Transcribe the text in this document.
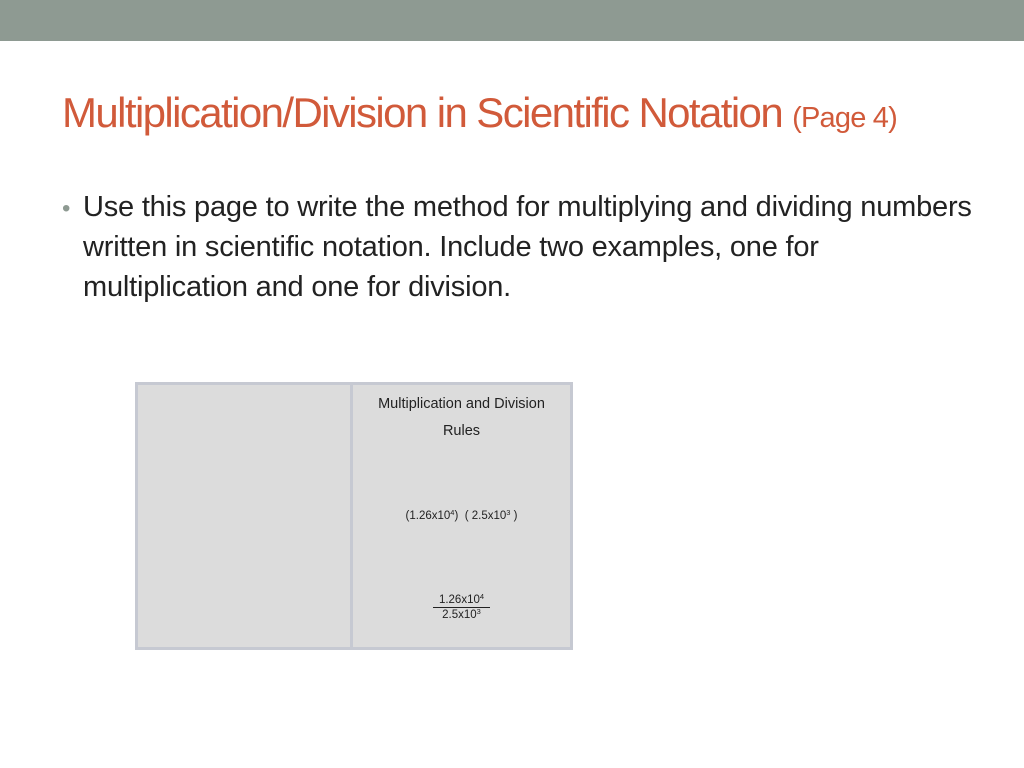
Multiplication/Division in Scientific Notation (Page 4)
• Use this page to write the method for multiplying and dividing numbers written in scientific notation. Include two examples, one for multiplication and one for division.
Multiplication and Division
Rules
$(1.26x10^4)$ ( $2.5x10^3$ )
$\frac{1.26x10^4}{2.5x10^3}$
